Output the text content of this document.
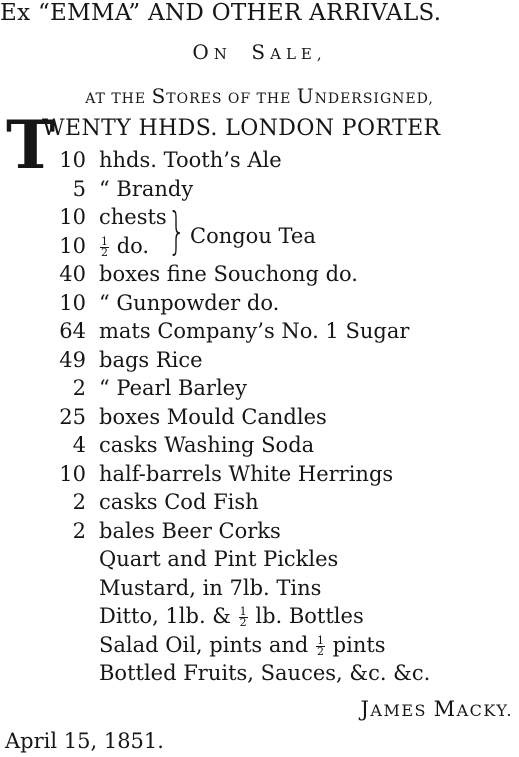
Ex “EMMA” AND OTHER ARRIVALS.
ON SALE,
AT THE STORES OF THE UNDERSIGNED,
T
WENTY HHDS. LONDON PORTER
10 hhds. Tooth’s Ale
5 “ Brandy
10 chests
$10 \frac{1}{2}$ do.
40 boxes fine Souchong do.
10 “ Gunpowder do.
64 mats Company’s No. 1 Sugar
49 bags Rice
2 “ Pearl Barley
25 boxes Mould Candles
4 casks Washing Soda
10 half-barrels White Herrings
2 casks Cod Fish
2 bales Beer Corks
Quart and Pint Pickles
Mustard, in 7lb. Tins
Ditto, 1lb. & $\frac{1}{2}$ lb. Bottles
Salad Oil, pints and $\frac{1}{2}$ pints
Bottled Fruits, Sauces, &c. &c.
} Congou Tea
JAMES MACKY.
April 15, 1851.
